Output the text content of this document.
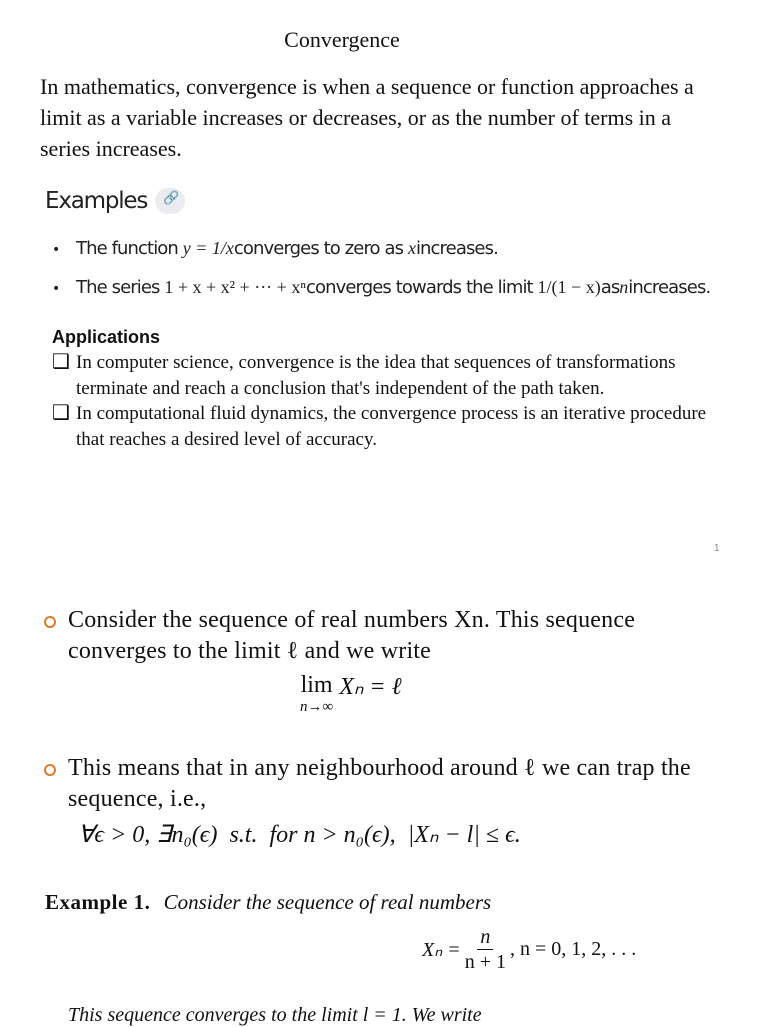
Convergence
In mathematics, convergence is when a sequence or function approaches a limit as a variable increases or decreases, or as the number of terms in a series increases.
Examples 🔗
• The function
y = 1/x converges to zero as
x increases.
• The series
1 + x + x² + ··· + xⁿ converges towards the limit
1/(1 − x) as n increases.
Applications
❑ In computer science, convergence is the idea that sequences of transformations terminate and reach a conclusion that's independent of the path taken.
❑ In computational fluid dynamics, the convergence process is an iterative procedure that reaches a desired level of accuracy.
1
Consider the sequence of real numbers Xn. This sequence converges to the limit ℓ and we write
lim
n→∞
Xₙ = ℓ
This means that in any neighbourhood around ℓ we can trap the sequence, i.e.,
∀ϵ > 0, ∃n₀(ϵ)  s.t.  for n > n₀(ϵ),  |Xₙ − l| ≤ ϵ.
Example 1. Consider the sequence of real numbers
$X_n = \frac{n}{n + 1}$ , n = 0, 1, 2, . . .
This sequence converges to the limit l = 1. We write
